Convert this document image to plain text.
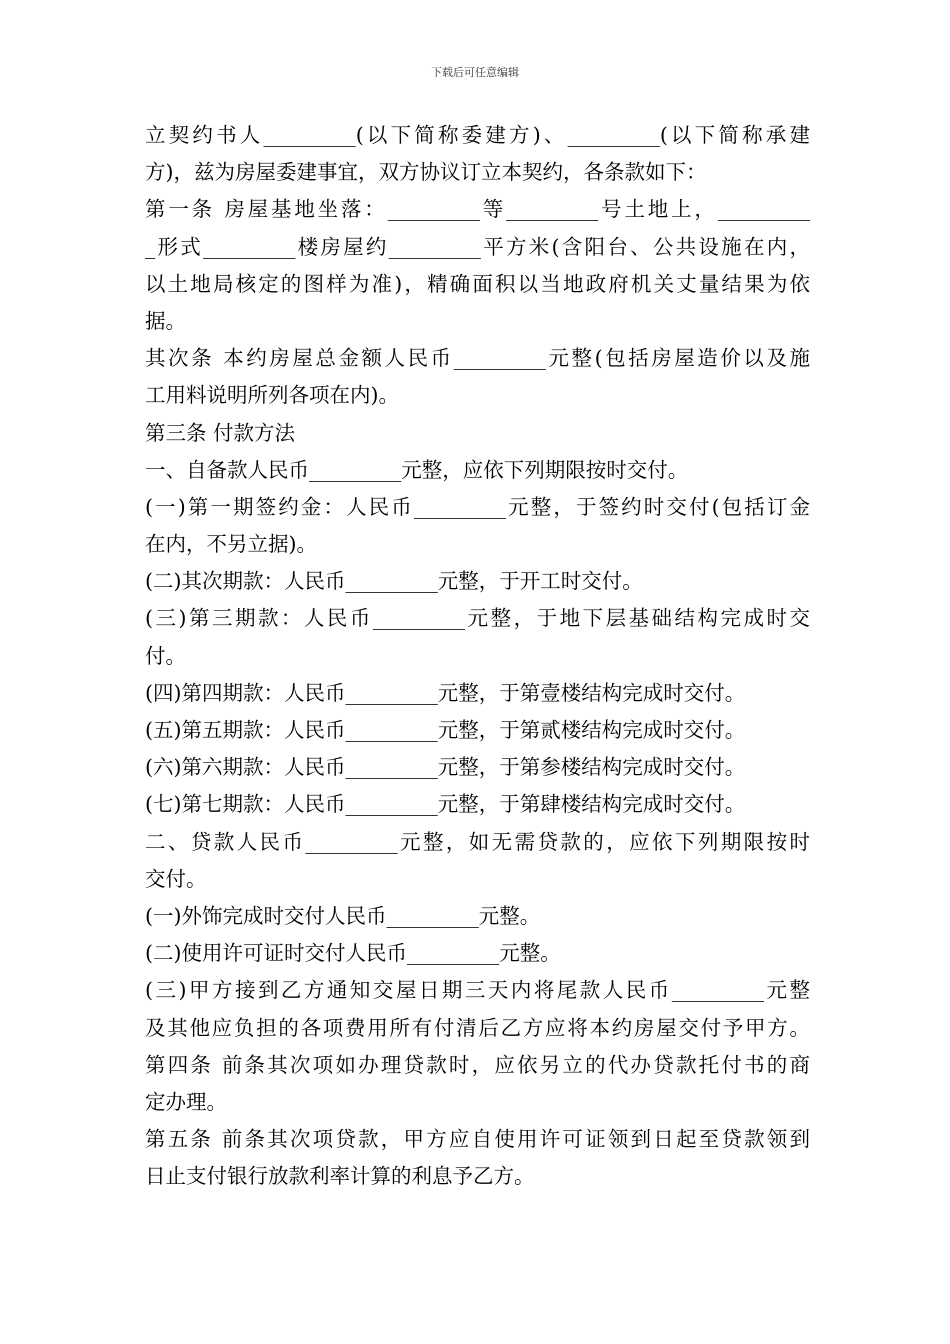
下载后可任意编辑
立契约书人_________(以下简称委建方)、_________(以下简称承建
方)，兹为房屋委建事宜，双方协议订立本契约，各条款如下：
第一条 房屋基地坐落：_________等_________号土地上，_________
_形式_________楼房屋约_________平方米(含阳台、公共设施在内，
以土地局核定的图样为准)，精确面积以当地政府机关丈量结果为依
据。
其次条 本约房屋总金额人民币_________元整(包括房屋造价以及施
工用料说明所列各项在内)。
第三条 付款方法
一、自备款人民币_________元整，应依下列期限按时交付。
(一)第一期签约金：人民币_________元整，于签约时交付(包括订金
在内，不另立据)。
(二)其次期款：人民币_________元整，于开工时交付。
(三)第三期款：人民币_________元整，于地下层基础结构完成时交
付。
(四)第四期款：人民币_________元整，于第壹楼结构完成时交付。
(五)第五期款：人民币_________元整，于第贰楼结构完成时交付。
(六)第六期款：人民币_________元整，于第参楼结构完成时交付。
(七)第七期款：人民币_________元整，于第肆楼结构完成时交付。
二、贷款人民币_________元整，如无需贷款的，应依下列期限按时
交付。
(一)外饰完成时交付人民币_________元整。
(二)使用许可证时交付人民币_________元整。
(三)甲方接到乙方通知交屋日期三天内将尾款人民币_________元整
及其他应负担的各项费用所有付清后乙方应将本约房屋交付予甲方。
第四条 前条其次项如办理贷款时，应依另立的代办贷款托付书的商
定办理。
第五条 前条其次项贷款，甲方应自使用许可证领到日起至贷款领到
日止支付银行放款利率计算的利息予乙方。
